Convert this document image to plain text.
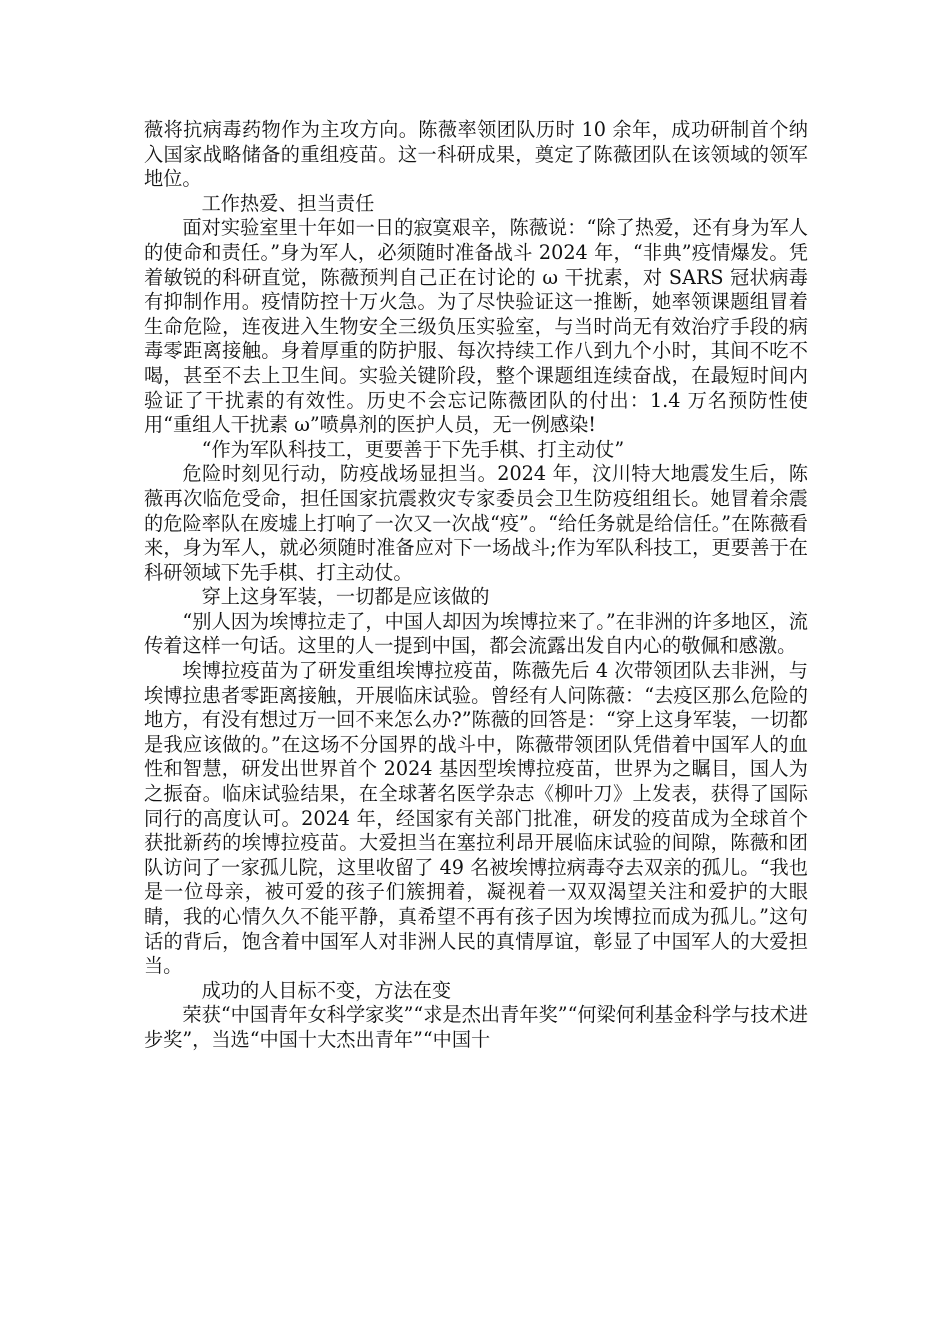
薇将抗病毒药物作为主攻方向。陈薇率领团队历时 10 余年，成功研制首个纳入国家战略储备的重组疫苗。这一科研成果，奠定了陈薇团队在该领域的领军地位。

工作热爱、担当责任

面对实验室里十年如一日的寂寞艰辛，陈薇说：“除了热爱，还有身为军人的使命和责任。”身为军人，必须随时准备战斗 2024 年，“非典”疫情爆发。凭着敏锐的科研直觉，陈薇预判自己正在讨论的 ω 干扰素，对 SARS 冠状病毒有抑制作用。疫情防控十万火急。为了尽快验证这一推断，她率领课题组冒着生命危险，连夜进入生物安全三级负压实验室，与当时尚无有效治疗手段的病毒零距离接触。身着厚重的防护服、每次持续工作八到九个小时，其间不吃不喝，甚至不去上卫生间。实验关键阶段，整个课题组连续奋战，在最短时间内验证了干扰素的有效性。历史不会忘记陈薇团队的付出：1.4 万名预防性使用“重组人干扰素 ω”喷鼻剂的医护人员，无一例感染!

“作为军队科技工，更要善于下先手棋、打主动仗”

危险时刻见行动，防疫战场显担当。2024 年，汶川特大地震发生后，陈薇再次临危受命，担任国家抗震救灾专家委员会卫生防疫组组长。她冒着余震的危险率队在废墟上打响了一次又一次战“疫”。“给任务就是给信任。”在陈薇看来，身为军人，就必须随时准备应对下一场战斗;作为军队科技工，更要善于在科研领域下先手棋、打主动仗。

穿上这身军装，一切都是应该做的

“别人因为埃博拉走了，中国人却因为埃博拉来了。”在非洲的许多地区，流传着这样一句话。这里的人一提到中国，都会流露出发自内心的敬佩和感激。

埃博拉疫苗为了研发重组埃博拉疫苗，陈薇先后 4 次带领团队去非洲，与埃博拉患者零距离接触，开展临床试验。曾经有人问陈薇：“去疫区那么危险的地方，有没有想过万一回不来怎么办?”陈薇的回答是：“穿上这身军装，一切都是我应该做的。”在这场不分国界的战斗中，陈薇带领团队凭借着中国军人的血性和智慧，研发出世界首个 2024 基因型埃博拉疫苗，世界为之瞩目，国人为之振奋。临床试验结果，在全球著名医学杂志《柳叶刀》上发表，获得了国际同行的高度认可。2024 年，经国家有关部门批准，研发的疫苗成为全球首个获批新药的埃博拉疫苗。大爱担当在塞拉利昂开展临床试验的间隙，陈薇和团队访问了一家孤儿院，这里收留了 49 名被埃博拉病毒夺去双亲的孤儿。“我也是一位母亲，被可爱的孩子们簇拥着，凝视着一双双渴望关注和爱护的大眼睛，我的心情久久不能平静，真希望不再有孩子因为埃博拉而成为孤儿。”这句话的背后，饱含着中国军人对非洲人民的真情厚谊，彰显了中国军人的大爱担当。

成功的人目标不变，方法在变

荣获“中国青年女科学家奖”“求是杰出青年奖”“何梁何利基金科学与技术进步奖”，当选“中国十大杰出青年”“中国十
